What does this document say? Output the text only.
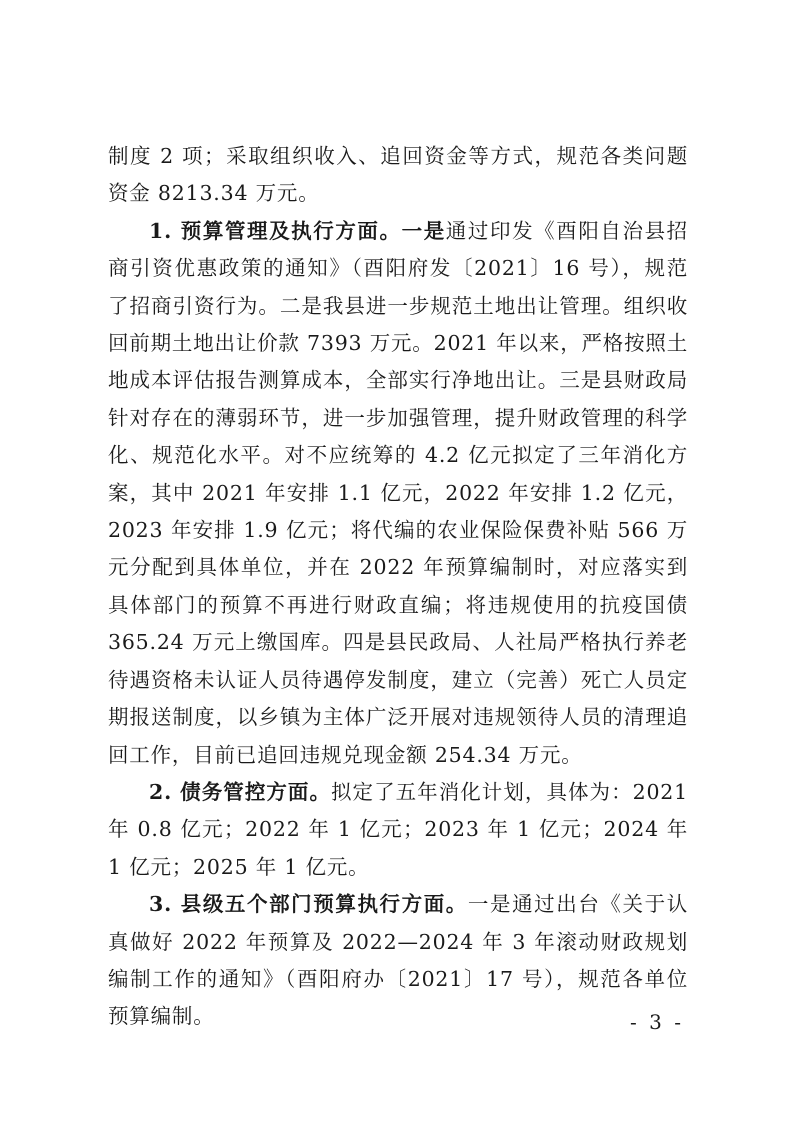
制度 2 项；采取组织收入、追回资金等方式，规范各类问题资金 8213.34 万元。

1. 预算管理及执行方面。一是通过印发《酉阳自治县招商引资优惠政策的通知》（酉阳府发〔2021〕16 号），规范了招商引资行为。二是我县进一步规范土地出让管理。组织收回前期土地出让价款 7393 万元。2021 年以来，严格按照土地成本评估报告测算成本，全部实行净地出让。三是县财政局针对存在的薄弱环节，进一步加强管理，提升财政管理的科学化、规范化水平。对不应统筹的 4.2 亿元拟定了三年消化方案，其中 2021 年安排 1.1 亿元，2022 年安排 1.2 亿元，2023 年安排 1.9 亿元；将代编的农业保险保费补贴 566 万元分配到具体单位，并在 2022 年预算编制时，对应落实到具体部门的预算不再进行财政直编；将违规使用的抗疫国债 365.24 万元上缴国库。四是县民政局、人社局严格执行养老待遇资格未认证人员待遇停发制度，建立（完善）死亡人员定期报送制度，以乡镇为主体广泛开展对违规领待人员的清理追回工作，目前已追回违规兑现金额 254.34 万元。

2. 债务管控方面。拟定了五年消化计划，具体为：2021 年 0.8 亿元；2022 年 1 亿元；2023 年 1 亿元；2024 年 1 亿元；2025 年 1 亿元。

3. 县级五个部门预算执行方面。一是通过出台《关于认真做好 2022 年预算及 2022—2024 年 3 年滚动财政规划编制工作的通知》（酉阳府办〔2021〕17 号），规范各单位预算编制。	- 3 -
